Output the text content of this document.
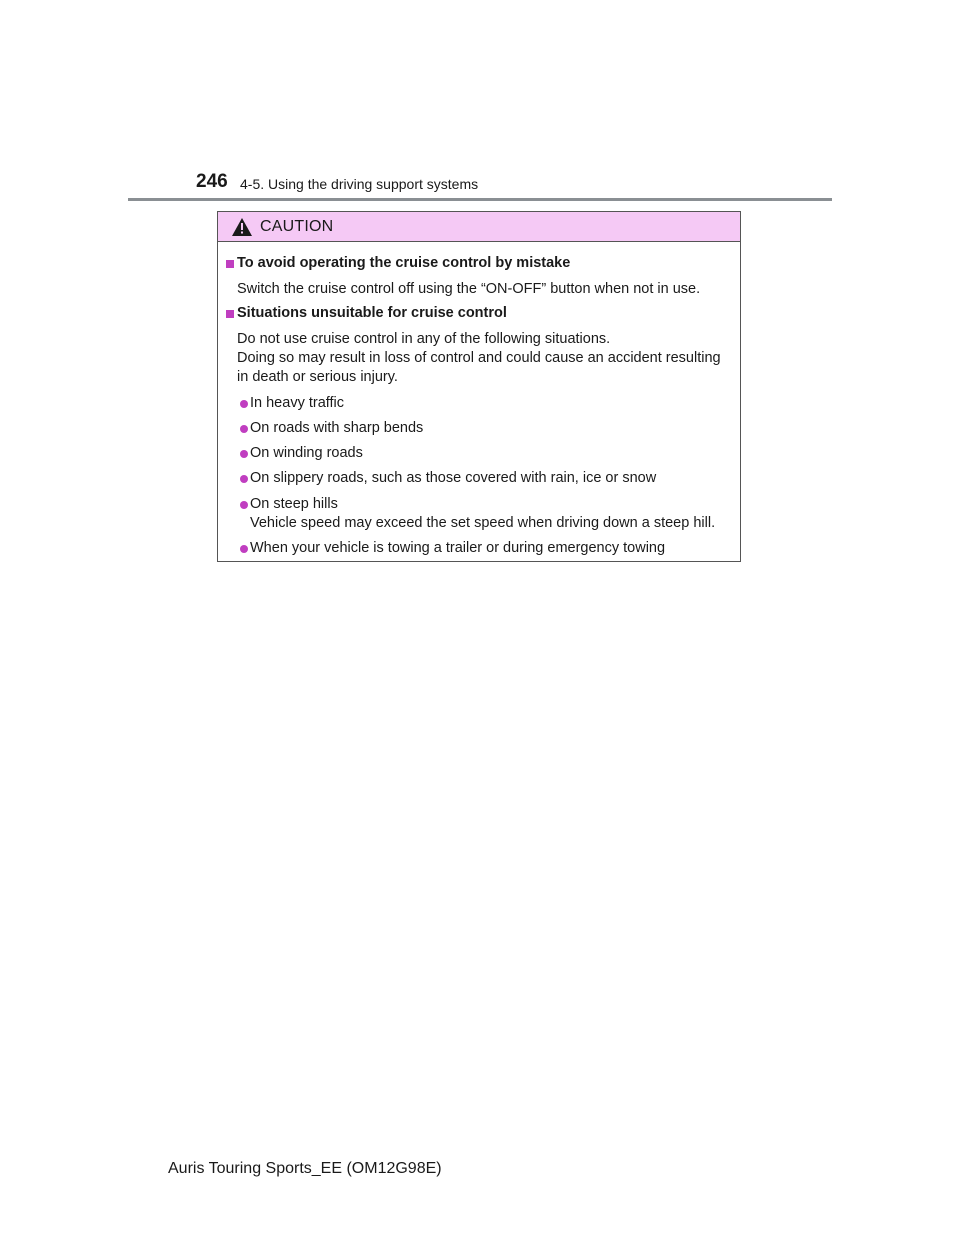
246 4-5. Using the driving support systems
CAUTION
To avoid operating the cruise control by mistake
Switch the cruise control off using the “ON-OFF” button when not in use.
Situations unsuitable for cruise control
Do not use cruise control in any of the following situations.
Doing so may result in loss of control and could cause an accident resulting
in death or serious injury.
In heavy traffic
On roads with sharp bends
On winding roads
On slippery roads, such as those covered with rain, ice or snow
On steep hills
Vehicle speed may exceed the set speed when driving down a steep hill.
When your vehicle is towing a trailer or during emergency towing
Auris Touring Sports_EE (OM12G98E)
